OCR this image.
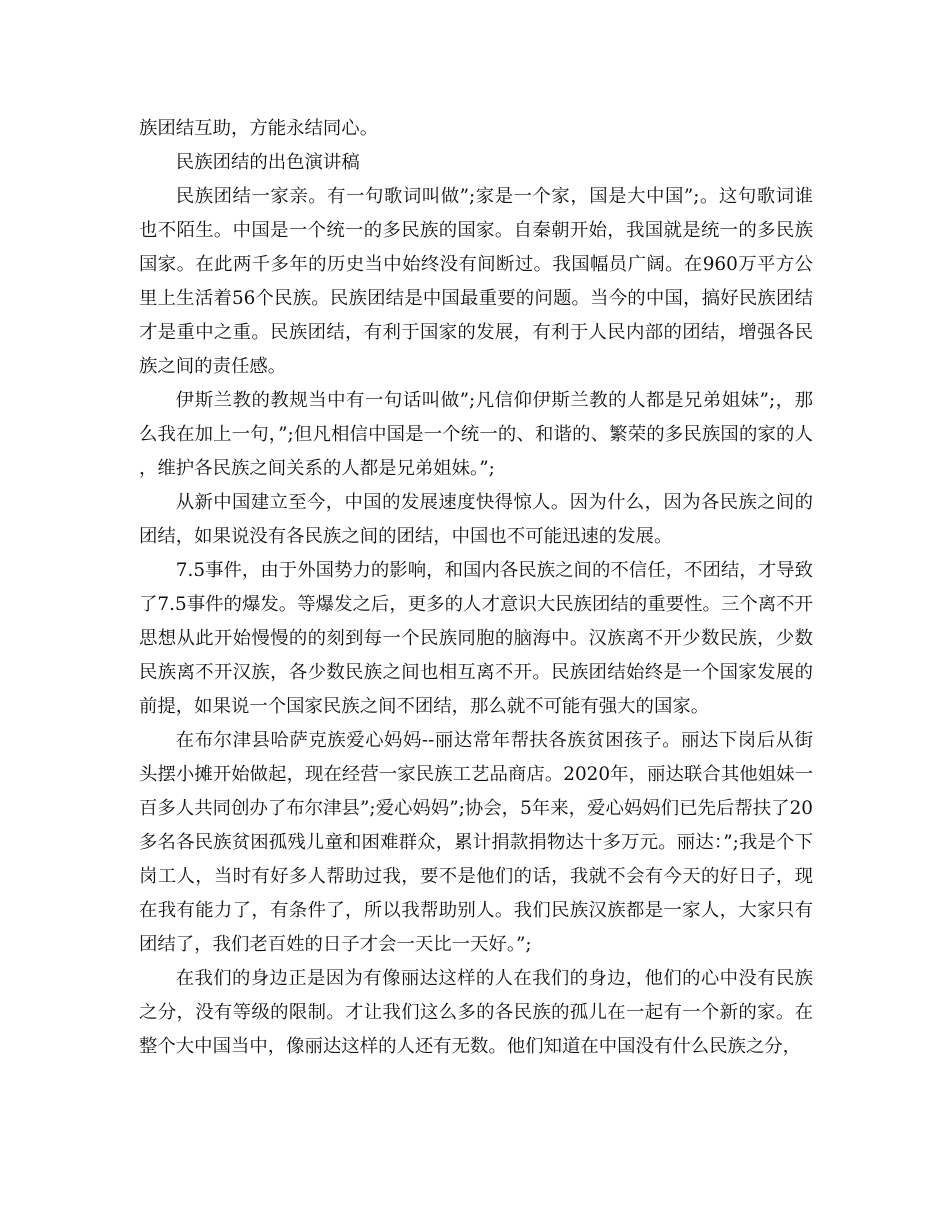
族团结互助，方能永结同心。

民族团结的出色演讲稿

民族团结一家亲。有一句歌词叫做”;家是一个家，国是大中国”;。这句歌词谁也不陌生。中国是一个统一的多民族的国家。自秦朝开始，我国就是统一的多民族国家。在此两千多年的历史当中始终没有间断过。我国幅员广阔。在960万平方公里上生活着56个民族。民族团结是中国最重要的问题。当今的中国，搞好民族团结才是重中之重。民族团结，有利于国家的发展，有利于人民内部的团结，增强各民族之间的责任感。

伊斯兰教的教规当中有一句话叫做”;凡信仰伊斯兰教的人都是兄弟姐妹”;，那么我在加上一句，”;但凡相信中国是一个统一的、和谐的、繁荣的多民族国的家的人，维护各民族之间关系的人都是兄弟姐妹。”;

从新中国建立至今，中国的发展速度快得惊人。因为什么，因为各民族之间的团结，如果说没有各民族之间的团结，中国也不可能迅速的发展。

7.5事件，由于外国势力的影响，和国内各民族之间的不信任，不团结，才导致了7.5事件的爆发。等爆发之后，更多的人才意识大民族团结的重要性。三个离不开思想从此开始慢慢的的刻到每一个民族同胞的脑海中。汉族离不开少数民族，少数民族离不开汉族，各少数民族之间也相互离不开。民族团结始终是一个国家发展的前提，如果说一个国家民族之间不团结，那么就不可能有强大的国家。

在布尔津县哈萨克族爱心妈妈--丽达常年帮扶各族贫困孩子。丽达下岗后从街头摆小摊开始做起，现在经营一家民族工艺品商店。2020年，丽达联合其他姐妹一百多人共同创办了布尔津县”;爱心妈妈”;协会，5年来，爱心妈妈们已先后帮扶了20多名各民族贫困孤残儿童和困难群众，累计捐款捐物达十多万元。丽达：”;我是个下岗工人，当时有好多人帮助过我，要不是他们的话，我就不会有今天的好日子，现在我有能力了，有条件了，所以我帮助别人。我们民族汉族都是一家人，大家只有团结了，我们老百姓的日子才会一天比一天好。”;

在我们的身边正是因为有像丽达这样的人在我们的身边，他们的心中没有民族之分，没有等级的限制。才让我们这么多的各民族的孤儿在一起有一个新的家。在整个大中国当中，像丽达这样的人还有无数。他们知道在中国没有什么民族之分，
